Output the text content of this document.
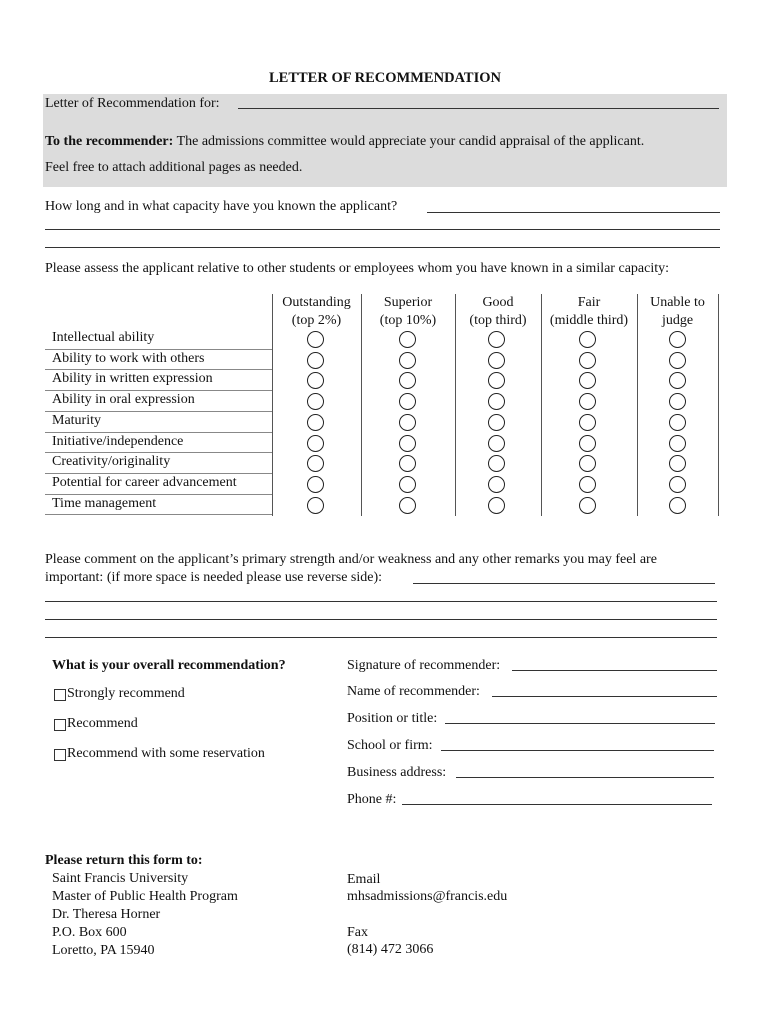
LETTER OF RECOMMENDATION
Letter of Recommendation for:
To the recommender: The admissions committee would appreciate your candid appraisal of the applicant.
Feel free to attach additional pages as needed.
How long and in what capacity have you known the applicant?
Please assess the applicant relative to other students or employees whom you have known in a similar capacity:
Outstanding
(top 2%)
Superior
(top 10%)
Good
(top third)
Fair
(middle third)
Unable to
judge
Intellectual ability
Ability to work with others
Ability in written expression
Ability in oral expression
Maturity
Initiative/independence
Creativity/originality
Potential for career advancement
Time management
Please comment on the applicant’s primary strength and/or weakness and any other remarks you may feel are
important: (if more space is needed please use reverse side):
What is your overall recommendation?
Strongly recommend
Recommend
Recommend with some reservation
Signature of recommender:
Name of recommender:
Position or title:
School or firm:
Business address:
Phone #:
Please return this form to:
Saint Francis University
Master of Public Health Program
Dr. Theresa Horner
P.O. Box 600
Loretto, PA 15940
Email
mhsadmissions@francis.edu
Fax
(814) 472 3066
